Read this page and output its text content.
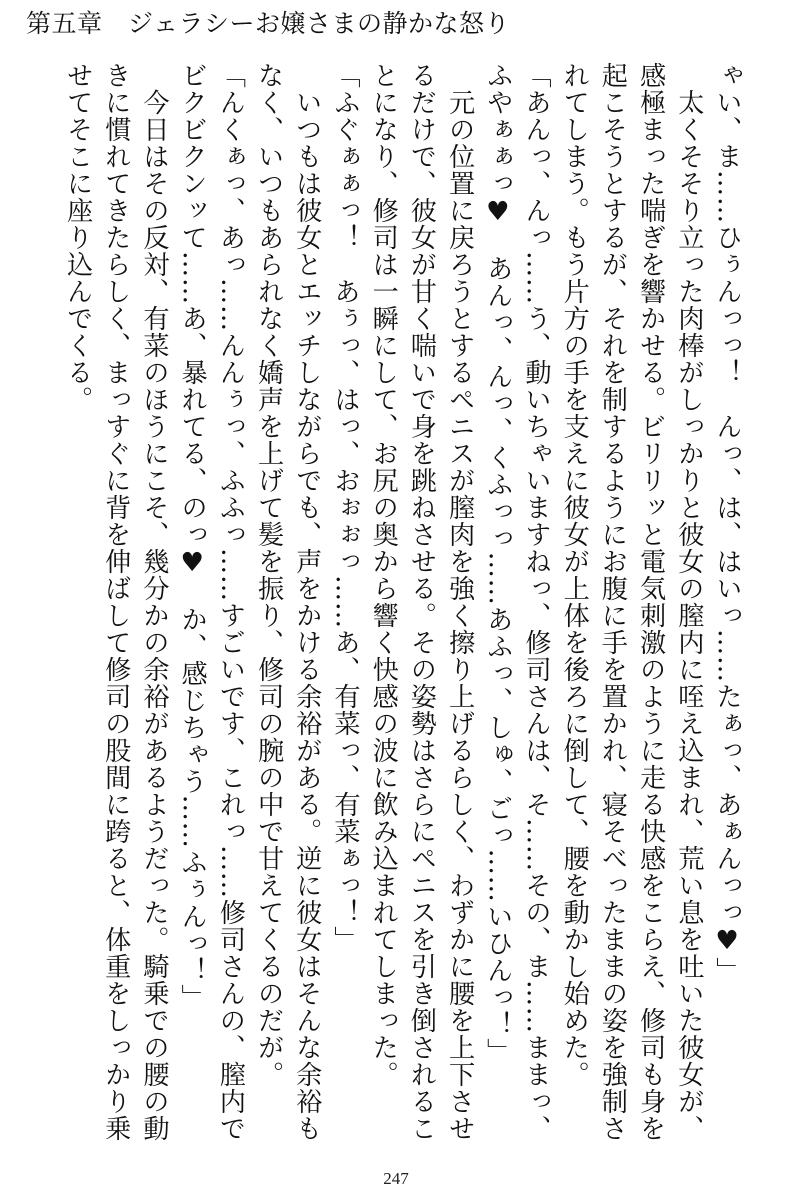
第五章　ジェラシーお嬢さまの静かな怒り

ゃい、ま……ひぅんっっ！　んっ、は、はいっ……たぁっ、あぁんっっ♥」

　太くそそり立った肉棒がしっかりと彼女の膣内に咥え込まれ、荒い息を吐いた彼女が、感極まった喘ぎを響かせる。ビリリッと電気刺激のように走る快感をこらえ、修司も身を起こそうとするが、それを制するようにお腹に手を置かれ、寝そべったままの姿を強制されてしまう。もう片方の手を支えに彼女が上体を後ろに倒して、腰を動かし始めた。

「あんっ、んっ……う、動いちゃいますねっ、修司さんは、そ……その、ま……ままっ、ふやぁぁっ♥　あんっ、んっ、くふっっ……あふっ、しゅ、ごっ……いひんっ！」

　元の位置に戻ろうとするペニスが膣肉を強く擦り上げるらしく、わずかに腰を上下させるだけで、彼女が甘く喘いで身を跳ねさせる。その姿勢はさらにペニスを引き倒されることになり、修司は一瞬にして、お尻の奥から響く快感の波に飲み込まれてしまった。

「ふぐぁぁっ！　あぅっ、はっ、おぉぉっ……あ、有菜っ、有菜ぁっ！」

　いつもは彼女とエッチしながらでも、声をかける余裕がある。逆に彼女はそんな余裕もなく、いつもあられなく嬌声を上げて髪を振り、修司の腕の中で甘えてくるのだが。

「んくぁっ、あっ……んんぅっ、ふふっ……すごいです、これっ……修司さんの、膣内でビクビクンッて……あ、暴れてる、のっ♥　か、感じちゃう……ふぅんっ！」

　今日はその反対、有菜のほうにこそ、幾分かの余裕があるようだった。騎乗での腰の動きに慣れてきたらしく、まっすぐに背を伸ばして修司の股間に跨ると、体重をしっかり乗せてそこに座り込んでくる。

247
